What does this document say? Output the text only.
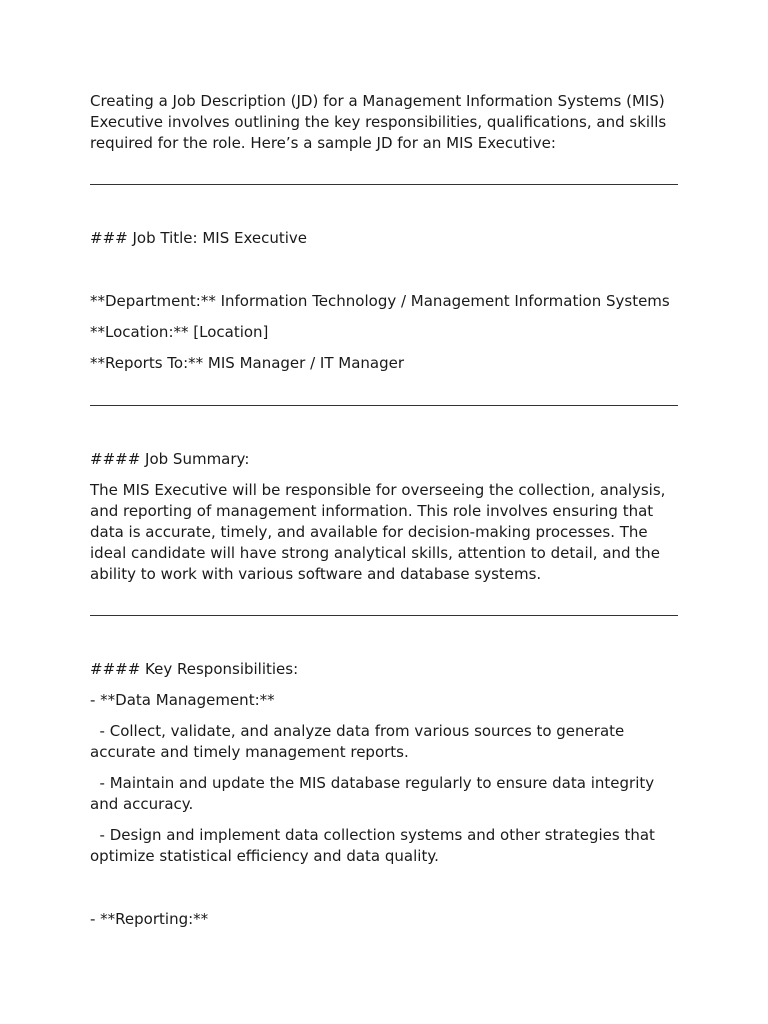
Creating a Job Description (JD) for a Management Information Systems (MIS) Executive involves outlining the key responsibilities, qualifications, and skills required for the role. Here’s a sample JD for an MIS Executive:

### Job Title: MIS Executive

**Department:** Information Technology / Management Information Systems

**Location:** [Location]

**Reports To:** MIS Manager / IT Manager

#### Job Summary:

The MIS Executive will be responsible for overseeing the collection, analysis, and reporting of management information. This role involves ensuring that data is accurate, timely, and available for decision-making processes. The ideal candidate will have strong analytical skills, attention to detail, and the ability to work with various software and database systems.

#### Key Responsibilities:

- **Data Management:**

- Collect, validate, and analyze data from various sources to generate accurate and timely management reports.

- Maintain and update the MIS database regularly to ensure data integrity and accuracy.

- Design and implement data collection systems and other strategies that optimize statistical efficiency and data quality.

- **Reporting:**
